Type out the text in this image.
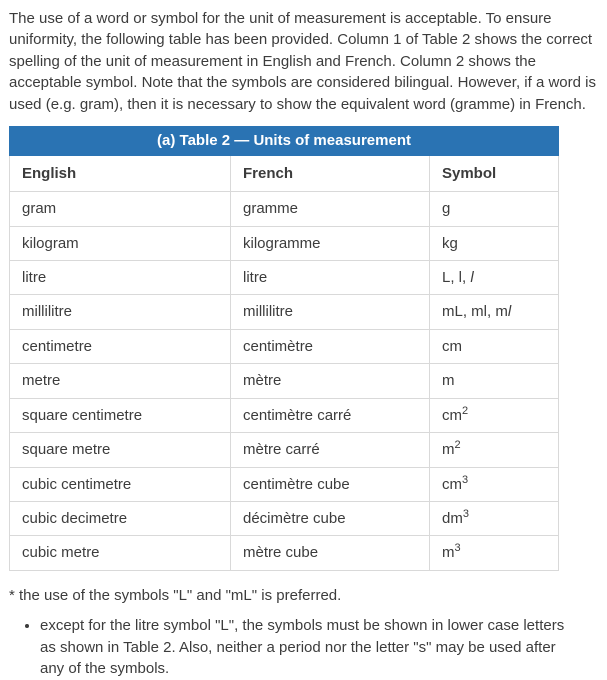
The use of a word or symbol for the unit of measurement is acceptable. To ensure uniformity, the following table has been provided. Column 1 of Table 2 shows the correct spelling of the unit of measurement in English and French. Column 2 shows the acceptable symbol. Note that the symbols are considered bilingual. However, if a word is used (e.g. gram), then it is necessary to show the equivalent word (gramme) in French.

(a) Table 2 — Units of measurement		
English	French	Symbol
gram	gramme	g
kilogram	kilogramme	kg
litre	litre	L, l, l
millilitre	millilitre	mL, ml, ml
centimetre	centimètre	cm
metre	mètre	m
square centimetre	centimètre carré	$cm^2$
square metre	mètre carré	$m^2$
cubic centimetre	centimètre cube	$cm^3$
cubic decimetre	décimètre cube	$dm^3$
cubic metre	mètre cube	$m^3$

* the use of the symbols "L" and "mL" is preferred.

• except for the litre symbol "L", the symbols must be shown in lower case letters as shown in Table 2. Also, neither a period nor the letter "s" may be used after any of the symbols.
